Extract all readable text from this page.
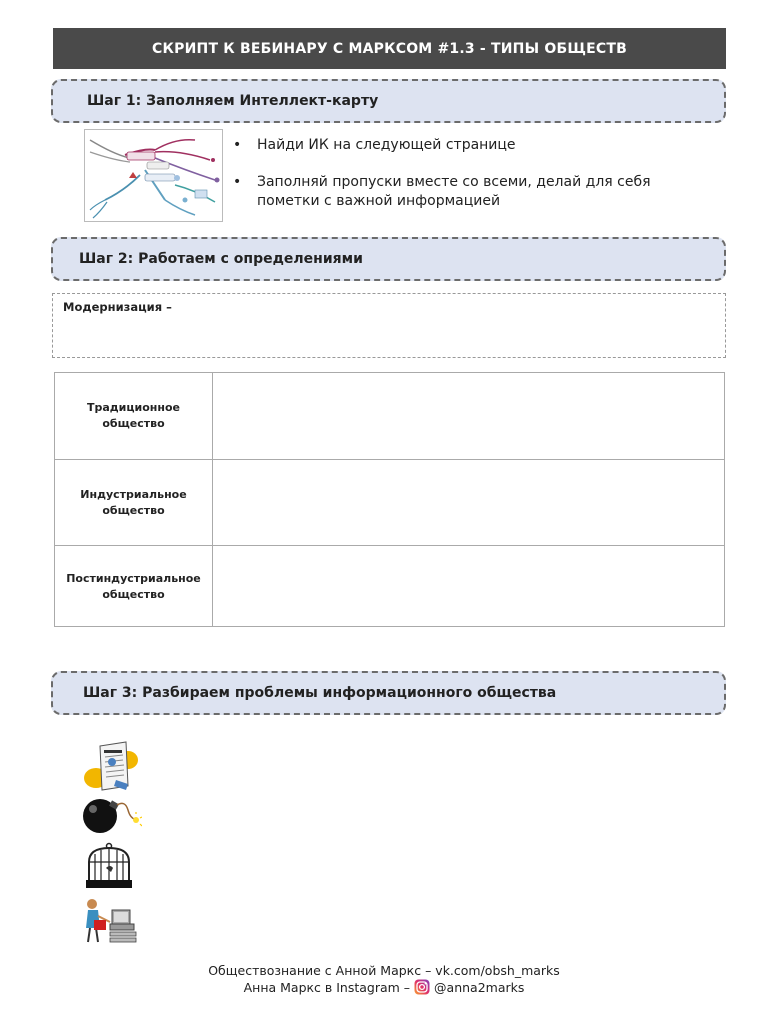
СКРИПТ К ВЕБИНАРУ С МАРКСОМ #1.3 - ТИПЫ ОБЩЕСТВ
Шаг 1: Заполняем Интеллект-карту
• Найди ИК на следующей странице
• Заполняй пропуски вместе со всеми, делай для себя пометки с важной информацией
Шаг 2: Работаем с определениями
Модернизация –
Традиционное общество
Индустриальное общество
Постиндустриальное общество
Шаг 3: Разбираем проблемы информационного общества
Обществознание с Анной Маркс – vk.com/obsh_marks
Анна Маркс в Instagram – @anna2marks
